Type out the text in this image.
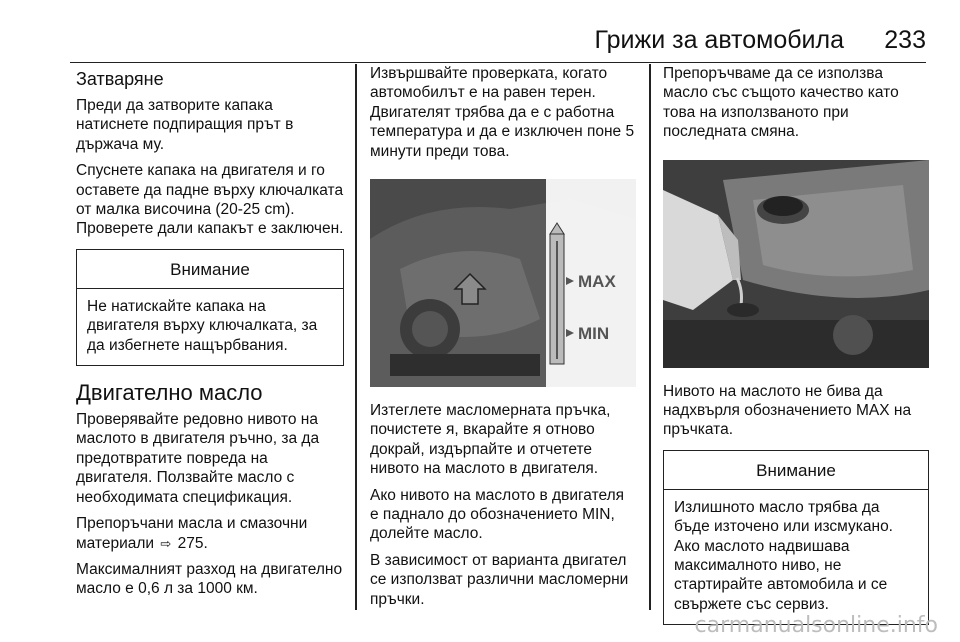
Грижи за автомобила 233
Затваряне

Преди да затворите капака натиснете подпиращия прът в държача му.

Спуснете капака на двигателя и го оставете да падне върху ключалката от малка височина (20-25 cm). Проверете дали капакът е заключен.

Внимание
Не натискайте капака на двигателя върху ключалката, за да избегнете нащърбвания.
Двигателно масло

Проверявайте редовно нивото на маслото в двигателя ръчно, за да предотвратите повреда на двигателя. Ползвайте масло с необходимата спецификация.

Препоръчани масла и смазочни материали ⇨ 275.

Максималният разход на двигателно масло е 0,6 л за 1000 км.

Извършвайте проверката, когато автомобилът е на равен терен. Двигателят трябва да е с работна температура и да е изключен поне 5 минути преди това.

MAX
MIN

Изтеглете масломерната пръчка, почистете я, вкарайте я отново докрай, издърпайте и отчетете нивото на маслото в двигателя.

Ако нивото на маслото в двигателя е паднало до обозначението MIN, долейте масло.

В зависимост от варианта двигател се използват различни масломерни пръчки.

Препоръчваме да се използва масло със същото качество като това на използваното при последната смяна.

Нивото на маслото не бива да надхвърля обозначението MAX на пръчката.

Внимание
Излишното масло трябва да бъде източено или изсмукано. Ако маслото надвишава максималното ниво, не стартирайте автомобила и се свържете със сервиз.
carmanualsonline.info
